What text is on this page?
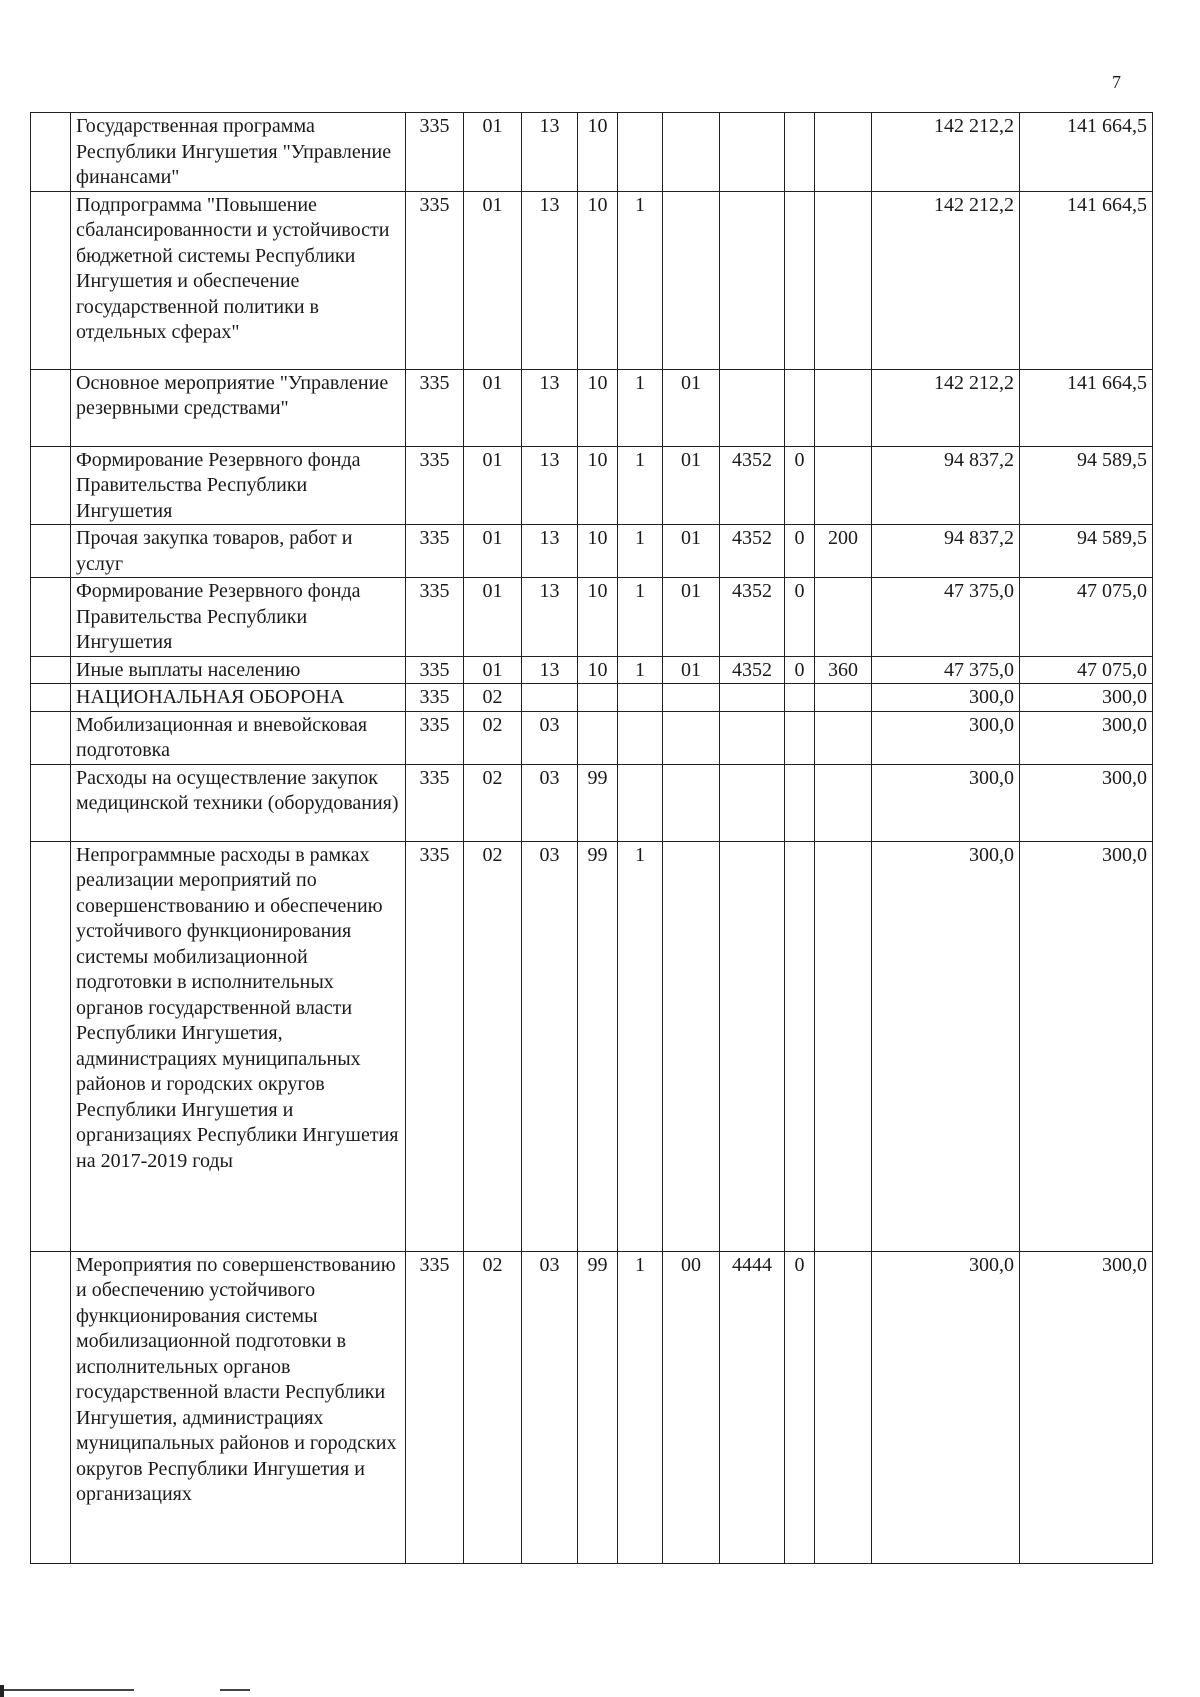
7
	Государственная программа Республики Ингушетия "Управление финансами"	335	01	13	10						142 212,2	141 664,5
	Подпрограмма "Повышение сбалансированности и устойчивости бюджетной системы Республики Ингушетия и обеспечение государственной политики в отдельных сферах"	335	01	13	10	1					142 212,2	141 664,5
	Основное мероприятие "Управление резервными средствами"	335	01	13	10	1	01				142 212,2	141 664,5
	Формирование Резервного фонда Правительства Республики Ингушетия	335	01	13	10	1	01	4352	0		94 837,2	94 589,5
	Прочая закупка товаров, работ и услуг	335	01	13	10	1	01	4352	0	200	94 837,2	94 589,5
	Формирование Резервного фонда Правительства Республики Ингушетия	335	01	13	10	1	01	4352	0		47 375,0	47 075,0
	Иные выплаты населению	335	01	13	10	1	01	4352	0	360	47 375,0	47 075,0
	НАЦИОНАЛЬНАЯ ОБОРОНА	335	02								300,0	300,0
	Мобилизационная и вневойсковая подготовка	335	02	03							300,0	300,0
	Расходы на осуществление закупок медицинской техники (оборудования)	335	02	03	99						300,0	300,0
	Непрограммные расходы в рамках реализации мероприятий по совершенствованию и обеспечению устойчивого функционирования системы мобилизационной подготовки в исполнительных органов государственной власти Республики Ингушетия, администрациях муниципальных районов и городских округов Республики Ингушетия и организациях Республики Ингушетия на 2017-2019 годы	335	02	03	99	1					300,0	300,0
	Мероприятия по совершенствованию и обеспечению устойчивого функционирования системы мобилизационной подготовки в исполнительных органов государственной власти Республики Ингушетия, администрациях муниципальных районов и городских округов Республики Ингушетия и организациях	335	02	03	99	1	00	4444	0		300,0	300,0
